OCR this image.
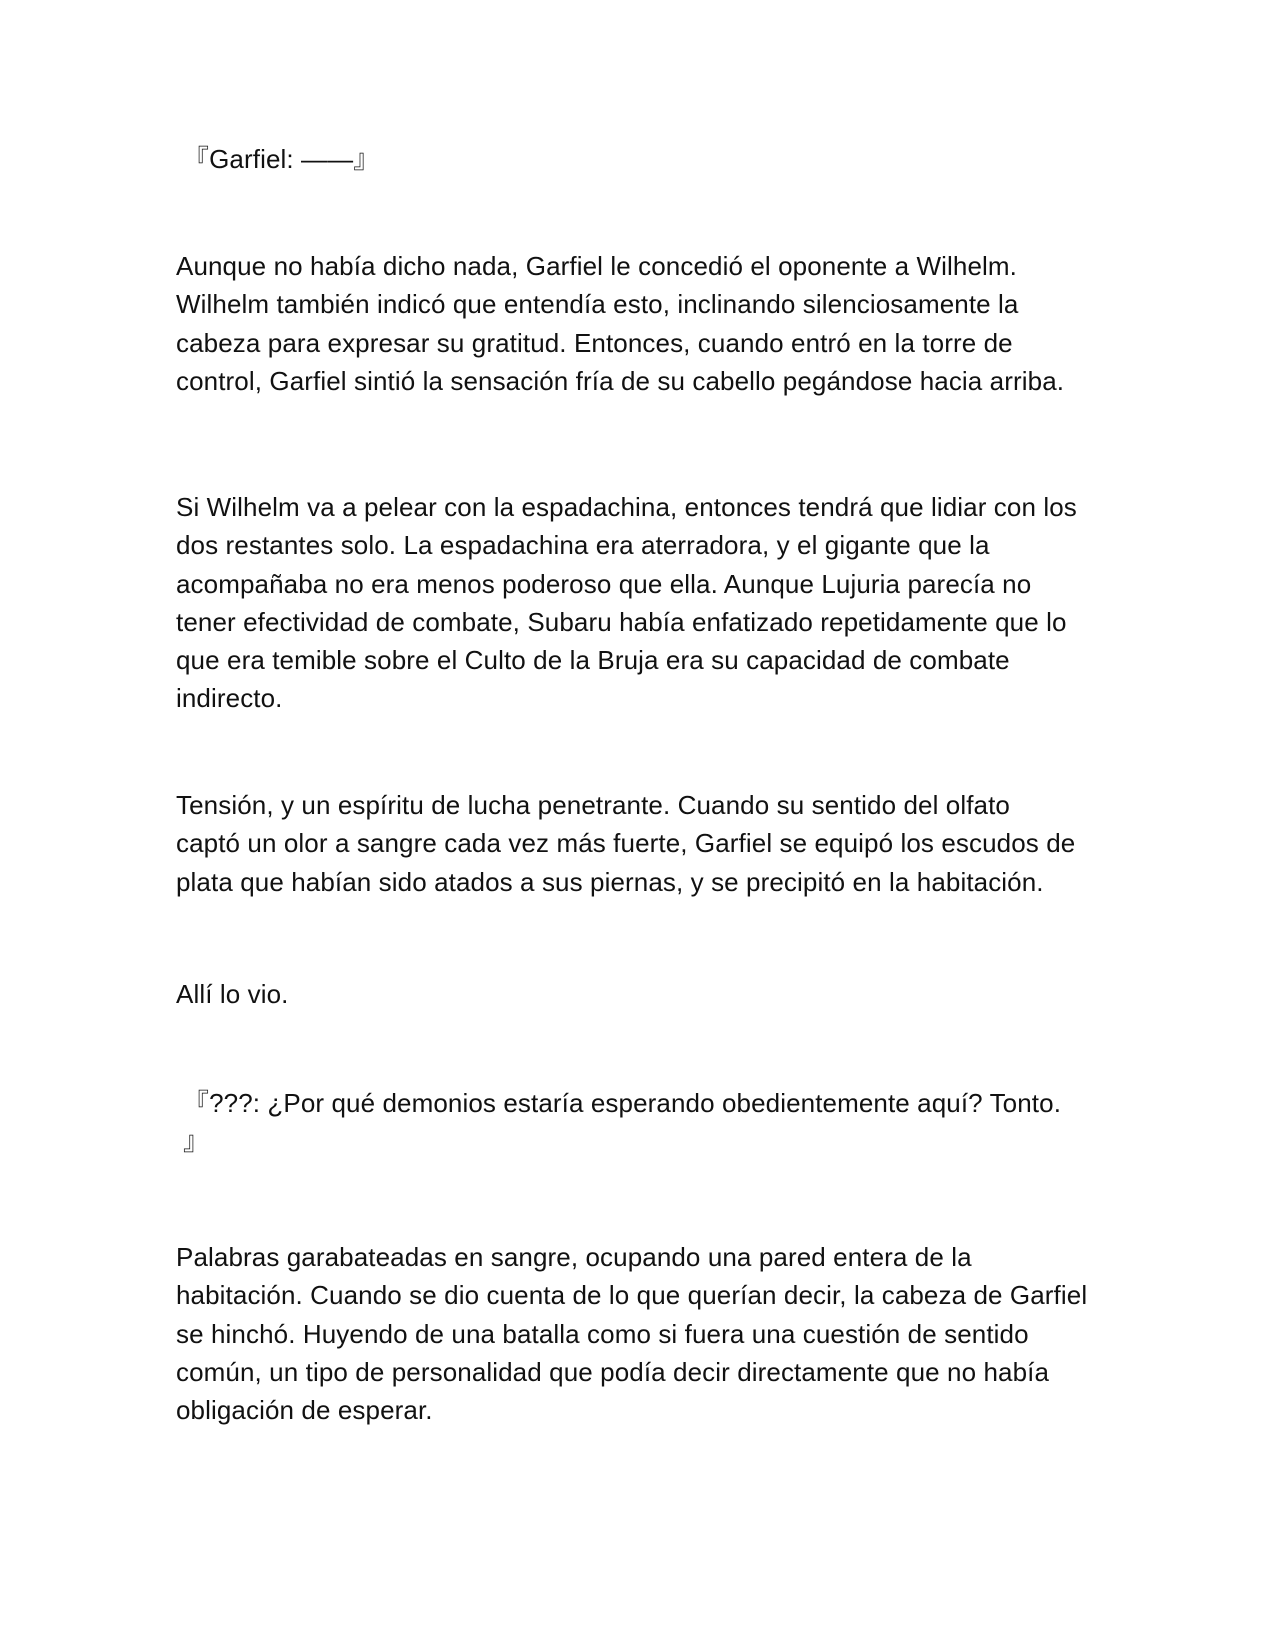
『Garfiel: ——』
Aunque no había dicho nada, Garfiel le concedió el oponente a Wilhelm.
Wilhelm también indicó que entendía esto, inclinando silenciosamente la
cabeza para expresar su gratitud. Entonces, cuando entró en la torre de
control, Garfiel sintió la sensación fría de su cabello pegándose hacia arriba.
Si Wilhelm va a pelear con la espadachina, entonces tendrá que lidiar con los
dos restantes solo. La espadachina era aterradora, y el gigante que la
acompañaba no era menos poderoso que ella. Aunque Lujuria parecía no
tener efectividad de combate, Subaru había enfatizado repetidamente que lo
que era temible sobre el Culto de la Bruja era su capacidad de combate
indirecto.
Tensión, y un espíritu de lucha penetrante. Cuando su sentido del olfato
captó un olor a sangre cada vez más fuerte, Garfiel se equipó los escudos de
plata que habían sido atados a sus piernas, y se precipitó en la habitación.
Allí lo vio.
『???: ¿Por qué demonios estaría esperando obedientemente aquí? Tonto.
』
Palabras garabateadas en sangre, ocupando una pared entera de la
habitación. Cuando se dio cuenta de lo que querían decir, la cabeza de Garfiel
se hinchó. Huyendo de una batalla como si fuera una cuestión de sentido
común, un tipo de personalidad que podía decir directamente que no había
obligación de esperar.
